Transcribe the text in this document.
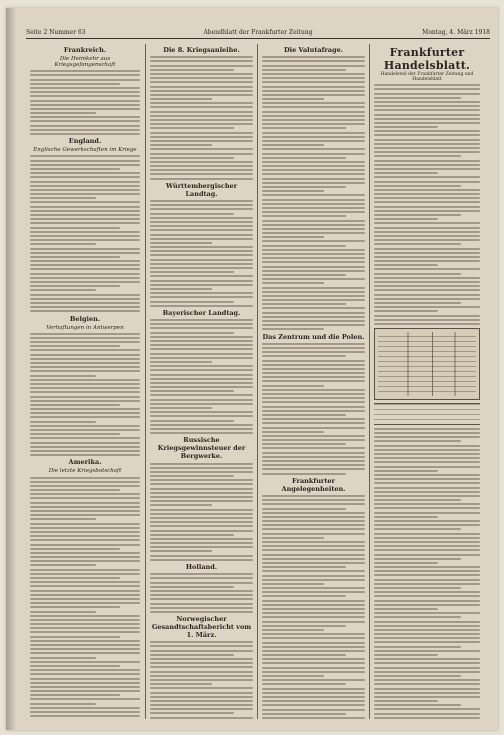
Seite 2 Nummer 63	Abendblatt der Frankfurter Zeitung	Montag, 4. März 1918
Frankreich.
Die Heimkehr aus Kriegsgefangenschaft
England.
Englische Gewerkschaften im Kriege
Belgien.
Verhaftungen in Antwerpen
Amerika.
Die letzte Kriegsbotschaft
Die 8. Kriegsanleihe.
Württembergischer Landtag.
Bayerischer Landtag.
Russische Kriegsgewinnsteuer der Bergwerke.
Holland.
Norwegischer Gesandtschaftsbericht vom 1. März.
Die Valutafrage.
Das Zentrum und die Polen.
Frankfurter Angelegenheiten.
Frankfurter Handelsblatt.
Handelsteil der Frankfurter Zeitung und Handelsblatt
